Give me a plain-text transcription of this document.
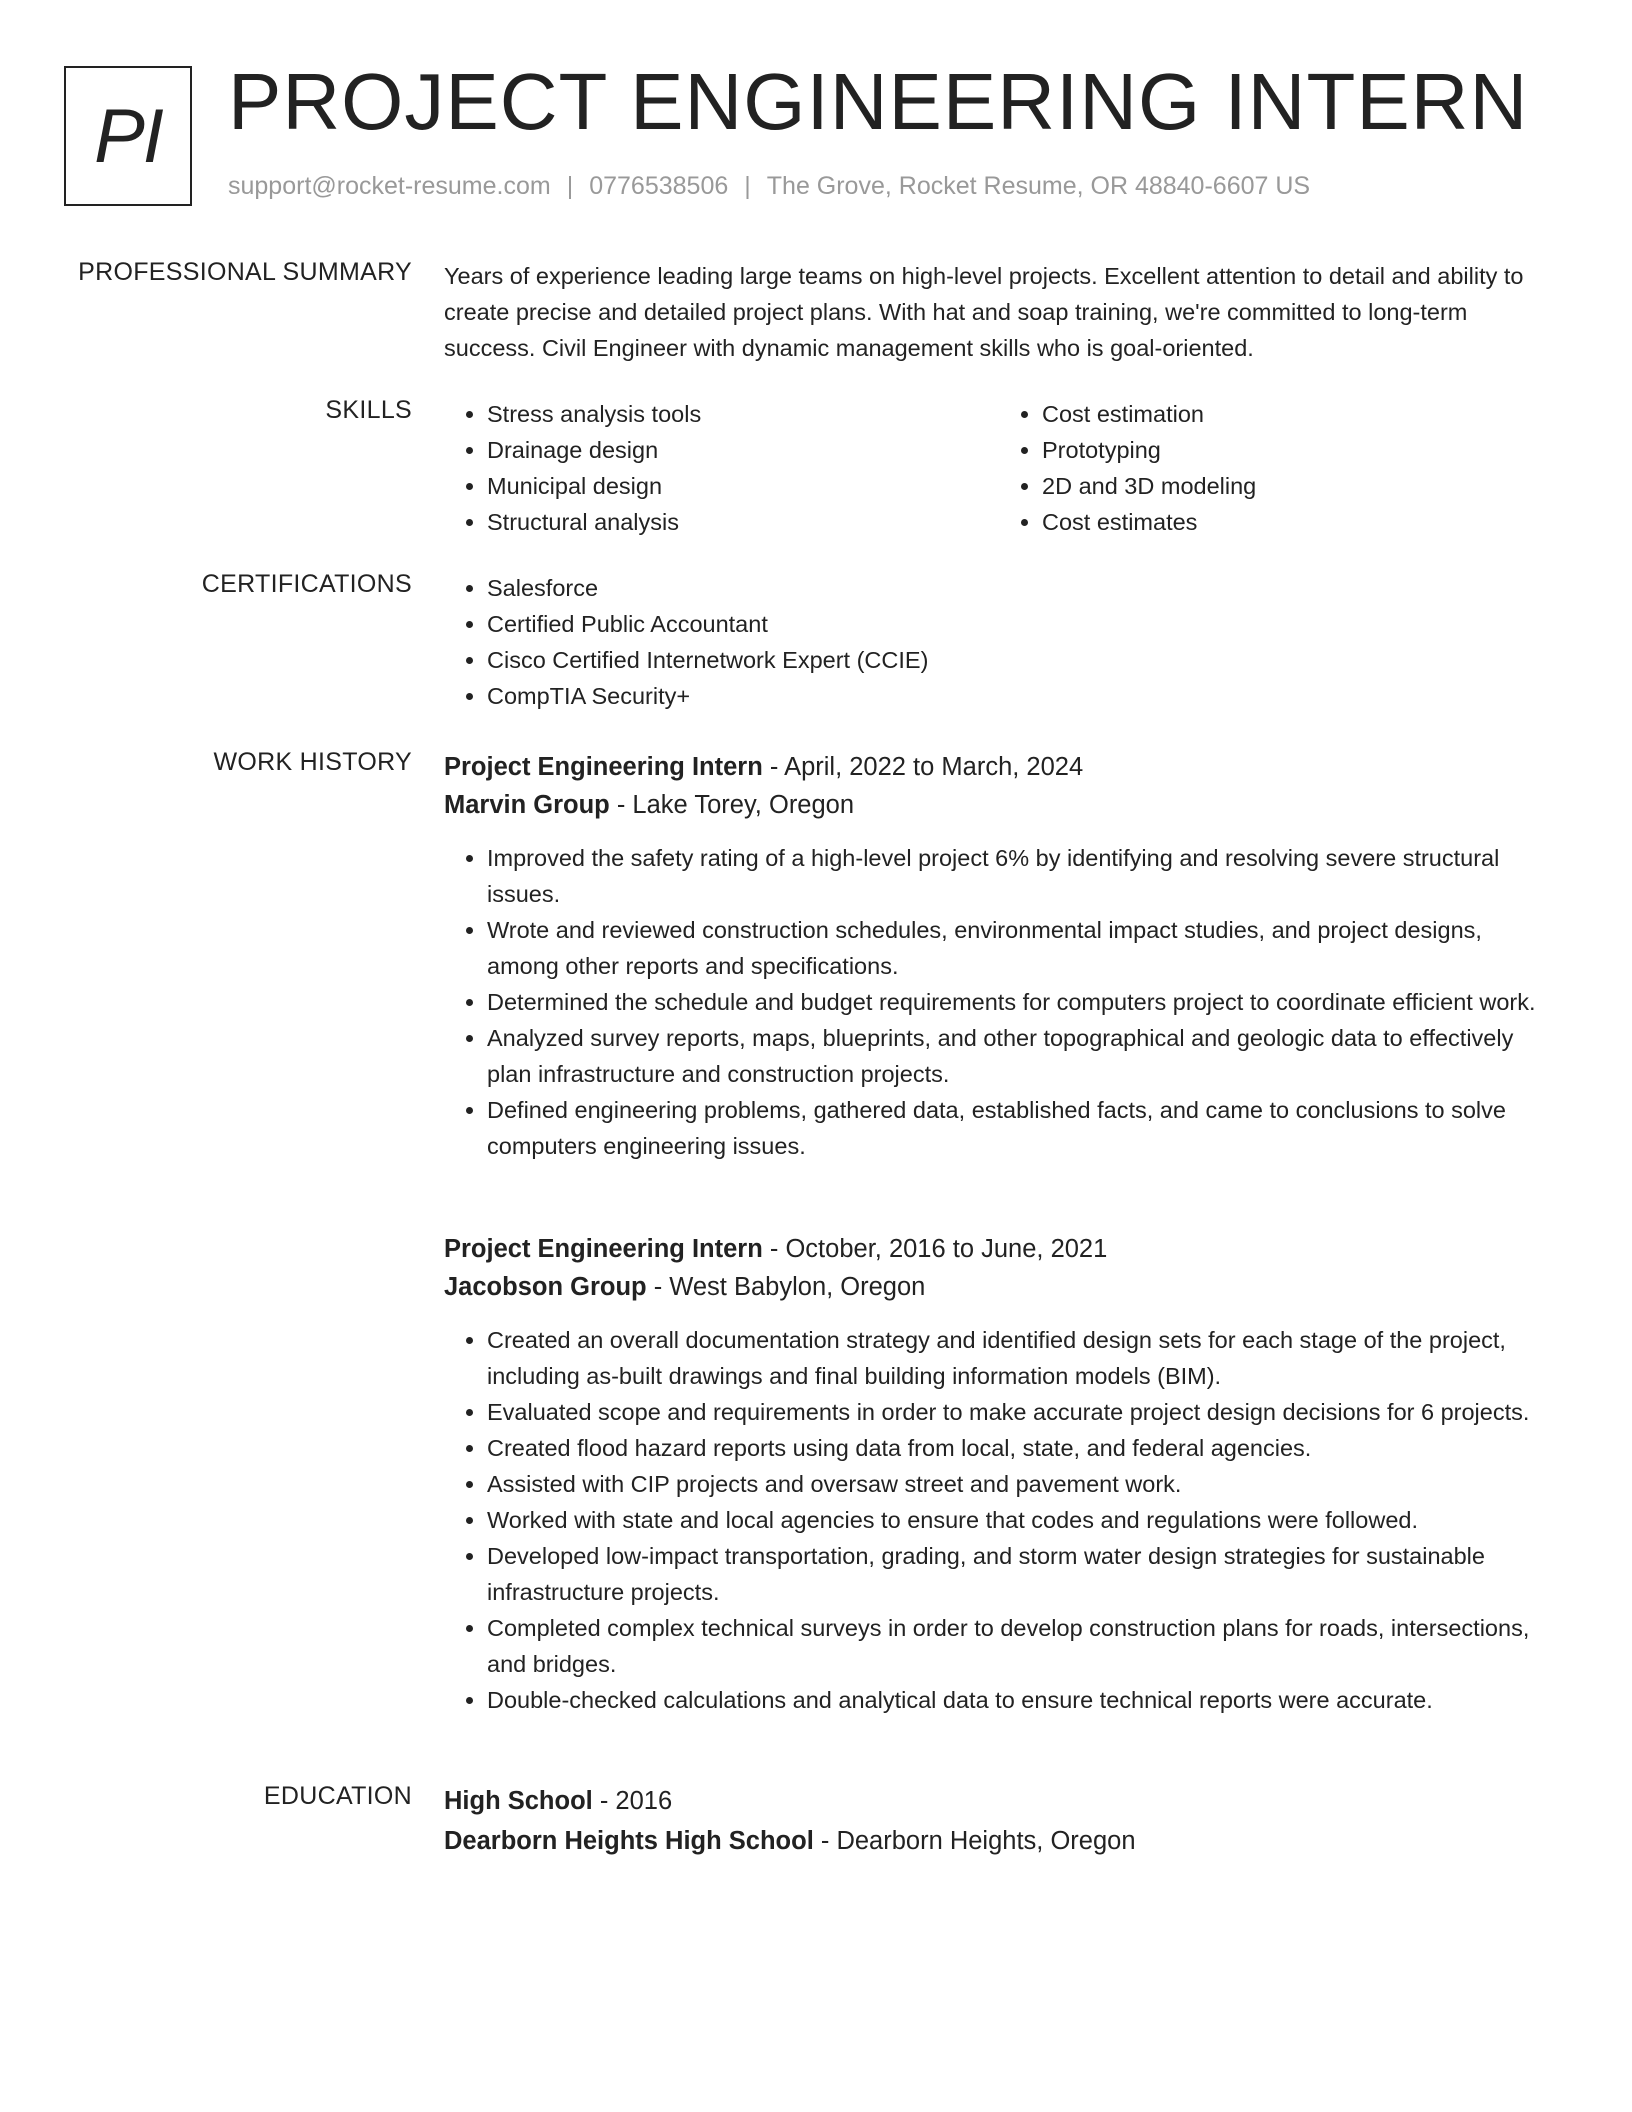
PI PROJECT ENGINEERING INTERN
support@rocket-resume.com | 0776538506 | The Grove, Rocket Resume, OR 48840-6607 US
PROFESSIONAL SUMMARY Years of experience leading large teams on high-level projects. Excellent attention to detail and ability to create precise and detailed project plans. With hat and soap training, we're committed to long-term success. Civil Engineer with dynamic management skills who is goal-oriented.
SKILLS	• Stress analysis tools
• Drainage design
• Municipal design
• Structural analysis
• Cost estimation
• Prototyping
• 2D and 3D modeling
• Cost estimates
CERTIFICATIONS	• Salesforce
• Certified Public Accountant
• Cisco Certified Internetwork Expert (CCIE)
• CompTIA Security+
WORK HISTORY Project Engineering Intern - April, 2022 to March, 2024
Marvin Group - Lake Torey, Oregon
• Improved the safety rating of a high-level project 6% by identifying and resolving severe structural issues.
• Wrote and reviewed construction schedules, environmental impact studies, and project designs, among other reports and specifications.
• Determined the schedule and budget requirements for computers project to coordinate efficient work.
• Analyzed survey reports, maps, blueprints, and other topographical and geologic data to effectively plan infrastructure and construction projects.
• Defined engineering problems, gathered data, established facts, and came to conclusions to solve computers engineering issues.
Project Engineering Intern - October, 2016 to June, 2021
Jacobson Group - West Babylon, Oregon
• Created an overall documentation strategy and identified design sets for each stage of the project, including as-built drawings and final building information models (BIM).
• Evaluated scope and requirements in order to make accurate project design decisions for 6 projects.
• Created flood hazard reports using data from local, state, and federal agencies.
• Assisted with CIP projects and oversaw street and pavement work.
• Worked with state and local agencies to ensure that codes and regulations were followed.
• Developed low-impact transportation, grading, and storm water design strategies for sustainable infrastructure projects.
• Completed complex technical surveys in order to develop construction plans for roads, intersections, and bridges.
• Double-checked calculations and analytical data to ensure technical reports were accurate.
EDUCATION High School - 2016
Dearborn Heights High School - Dearborn Heights, Oregon
